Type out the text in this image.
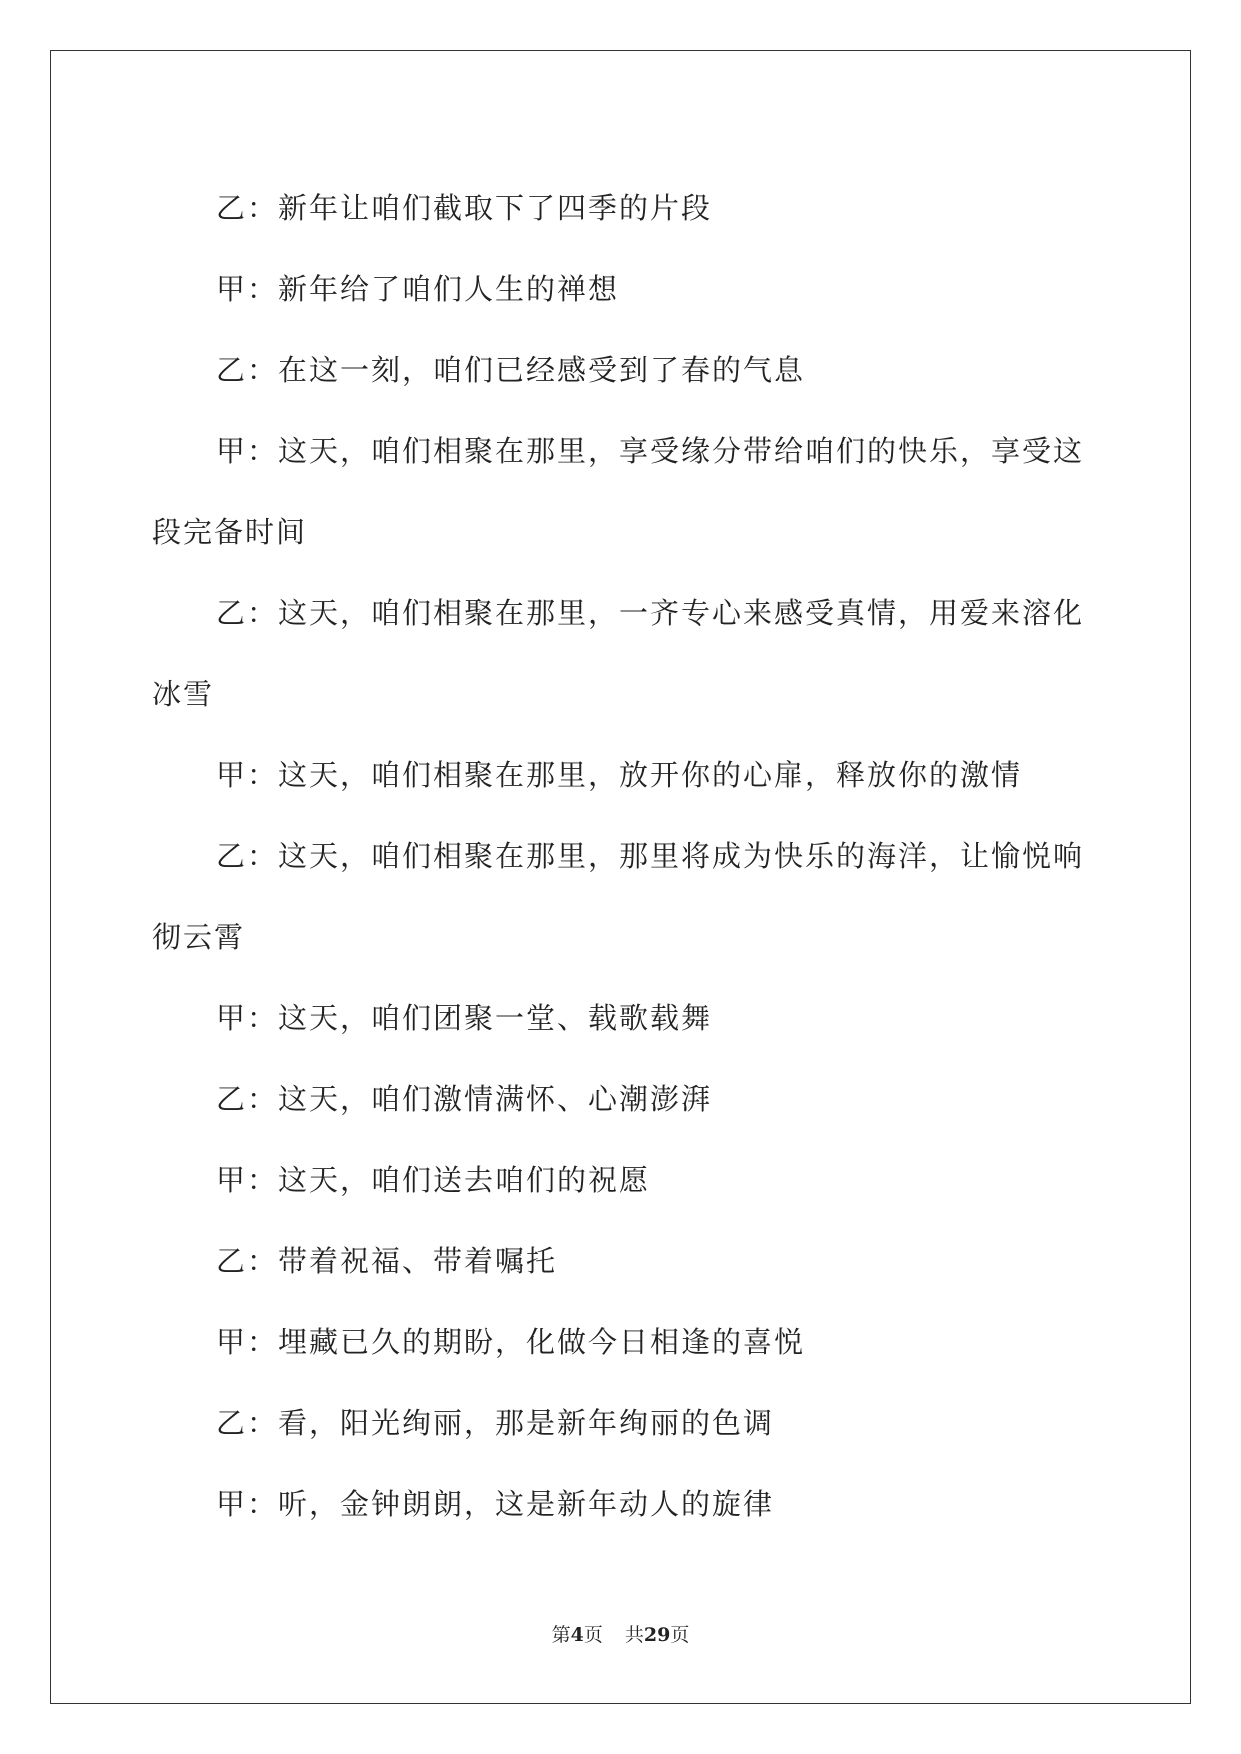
乙：新年让咱们截取下了四季的片段

甲：新年给了咱们人生的禅想

乙：在这一刻，咱们已经感受到了春的气息

甲：这天，咱们相聚在那里，享受缘分带给咱们的快乐，享受这段完备时间

乙：这天，咱们相聚在那里，一齐专心来感受真情，用爱来溶化冰雪

甲：这天，咱们相聚在那里，放开你的心扉，释放你的激情

乙：这天，咱们相聚在那里，那里将成为快乐的海洋，让愉悦响彻云霄

甲：这天，咱们团聚一堂、载歌载舞

乙：这天，咱们激情满怀、心潮澎湃

甲：这天，咱们送去咱们的祝愿

乙：带着祝福、带着嘱托

甲：埋藏已久的期盼，化做今日相逢的喜悦

乙：看，阳光绚丽，那是新年绚丽的色调

甲：听，金钟朗朗，这是新年动人的旋律

第4页 共29页
